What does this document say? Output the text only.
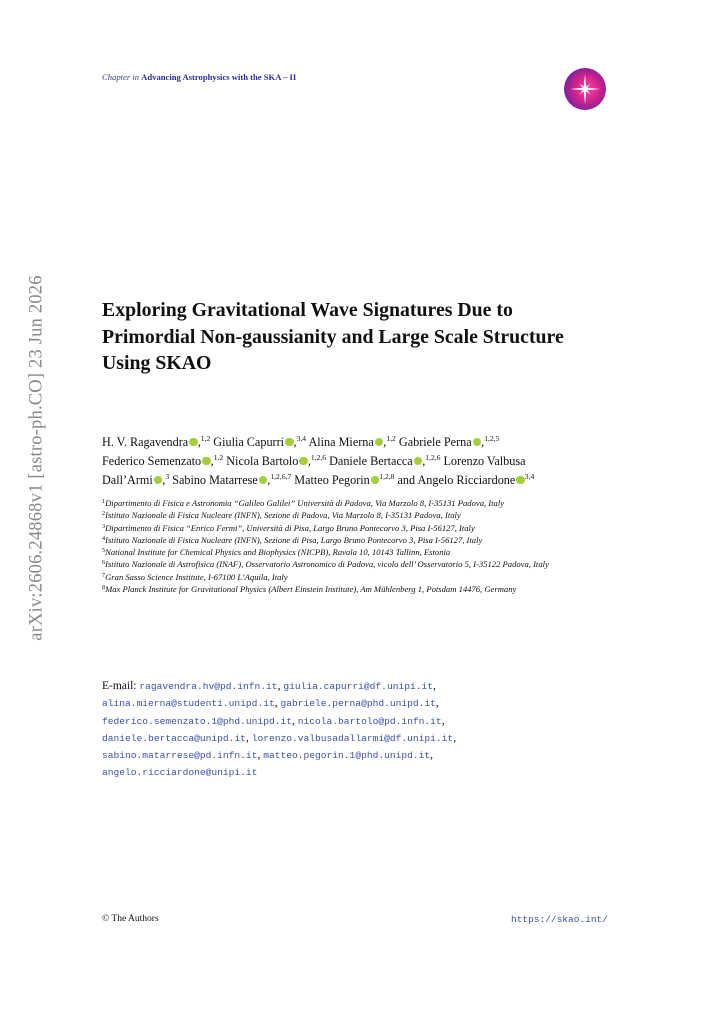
Chapter in Advancing Astrophysics with the SKA – II
arXiv:2606.24868v1 [astro-ph.CO] 23 Jun 2026	Exploring Gravitational Wave Signatures Due to
Primordial Non-gaussianity and Large Scale Structure
Using SKAO
H. V. Ragavendra ,$^{1,2}$ Giulia Capurri ,$^{3,4}$ Alina Mierna ,$^{1,2}$ Gabriele Perna ,$^{1,2,5}$
Federico Semenzato ,$^{1,2}$ Nicola Bartolo ,$^{1,2,6}$ Daniele Bertacca ,$^{1,2,6}$ Lorenzo Valbusa
Dall’Armi ,$^3$ Sabino Matarrese ,$^{1,2,6,7}$ Matteo Pegorin $^{1,2,8}$ and Angelo Ricciardone $^{3,4}$
$^1$Dipartimento di Fisica e Astronomia “Galileo Galilei” Università di Padova, Via Marzolo 8, I-35131 Padova, Italy
$^2$Istituto Nazionale di Fisica Nucleare (INFN), Sezione di Padova, Via Marzolo 8, I-35131 Padova, Italy
$^3$Dipartimento di Fisica “Enrico Fermi”, Università di Pisa, Largo Bruno Pontecorvo 3, Pisa I-56127, Italy
$^4$Istituto Nazionale di Fisica Nucleare (INFN), Sezione di Pisa, Largo Bruno Pontecorvo 3, Pisa I-56127, Italy
$^5$National Institute for Chemical Physics and Biophysics (NICPB), Ravala 10, 10143 Tallinn, Estonia
$^6$Istituto Nazionale di Astrofisica (INAF), Osservatorio Astronomico di Padova, vicolo dell’ Osservatorio 5, I-35122 Padova, Italy
$^7$Gran Sasso Science Institute, I-67100 L’Aquila, Italy
$^8$Max Planck Institute for Gravitational Physics (Albert Einstein Institute), Am Mühlenberg 1, Potsdam 14476, Germany
E-mail: ragavendra.hv@pd.infn.it, giulia.capurri@df.unipi.it,
alina.mierna@studenti.unipd.it, gabriele.perna@phd.unipd.it,
federico.semenzato.1@phd.unipd.it, nicola.bartolo@pd.infn.it,
daniele.bertacca@unipd.it, lorenzo.valbusadallarmi@df.unipi.it,
sabino.matarrese@pd.infn.it, matteo.pegorin.1@phd.unipd.it,
angelo.ricciardone@unipi.it
© The Authors	https://skao.int/
